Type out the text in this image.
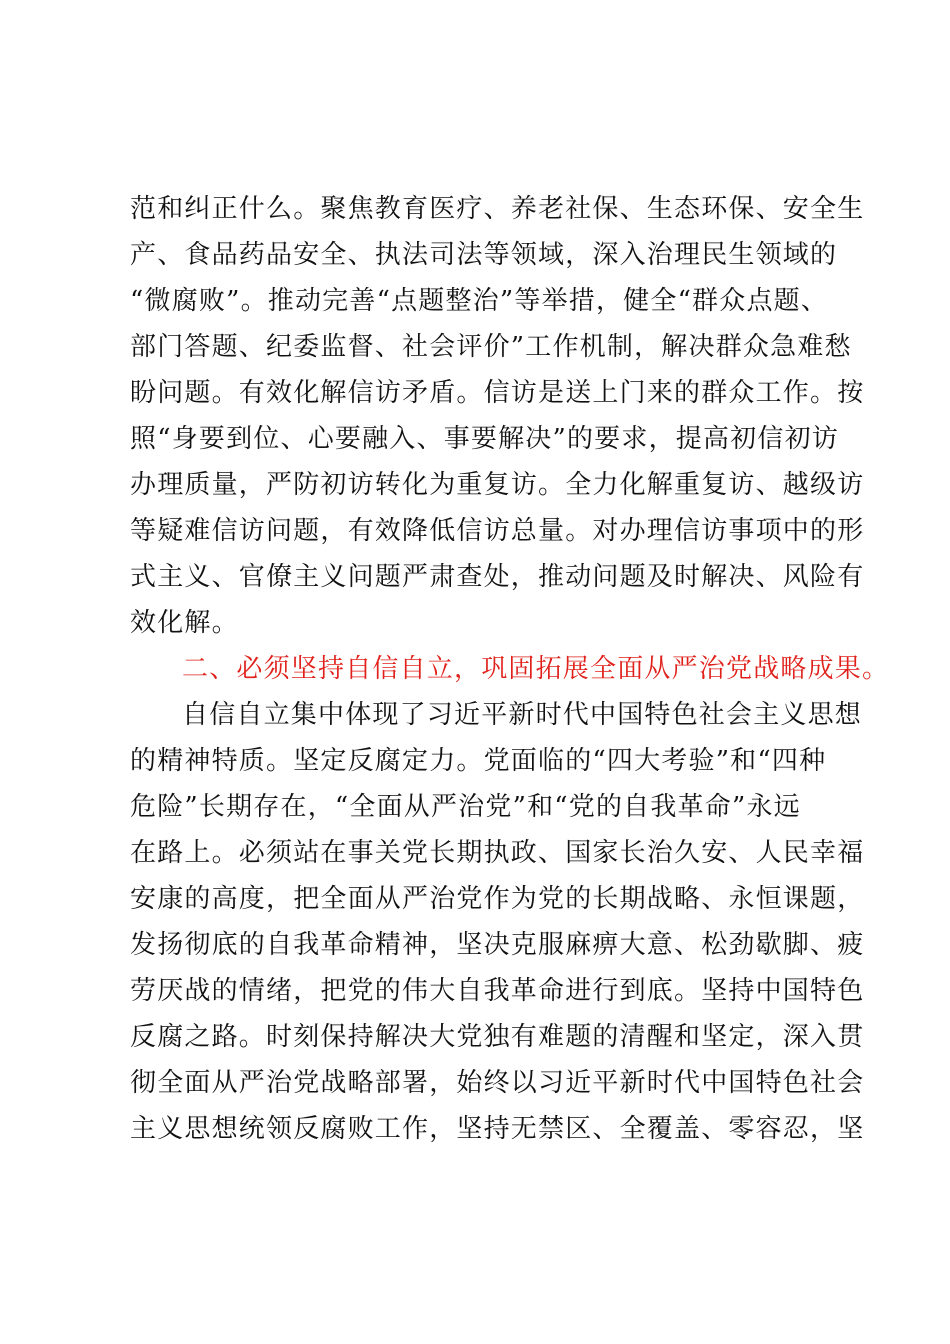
范和纠正什么。聚焦教育医疗、养老社保、生态环保、安全生
产、食品药品安全、执法司法等领域，深入治理民生领域的
“微腐败”。推动完善“点题整治”等举措，健全“群众点题、
部门答题、纪委监督、社会评价”工作机制，解决群众急难愁
盼问题。有效化解信访矛盾。信访是送上门来的群众工作。按
照“身要到位、心要融入、事要解决”的要求，提高初信初访
办理质量，严防初访转化为重复访。全力化解重复访、越级访
等疑难信访问题，有效降低信访总量。对办理信访事项中的形
式主义、官僚主义问题严肃查处，推动问题及时解决、风险有
效化解。
二、必须坚持自信自立，巩固拓展全面从严治党战略成果。
自信自立集中体现了习近平新时代中国特色社会主义思想
的精神特质。坚定反腐定力。党面临的“四大考验”和“四种
危险”长期存在，“全面从严治党”和“党的自我革命”永远
在路上。必须站在事关党长期执政、国家长治久安、人民幸福
安康的高度，把全面从严治党作为党的长期战略、永恒课题，
发扬彻底的自我革命精神，坚决克服麻痹大意、松劲歇脚、疲
劳厌战的情绪，把党的伟大自我革命进行到底。坚持中国特色
反腐之路。时刻保持解决大党独有难题的清醒和坚定，深入贯
彻全面从严治党战略部署，始终以习近平新时代中国特色社会
主义思想统领反腐败工作，坚持无禁区、全覆盖、零容忍，坚
